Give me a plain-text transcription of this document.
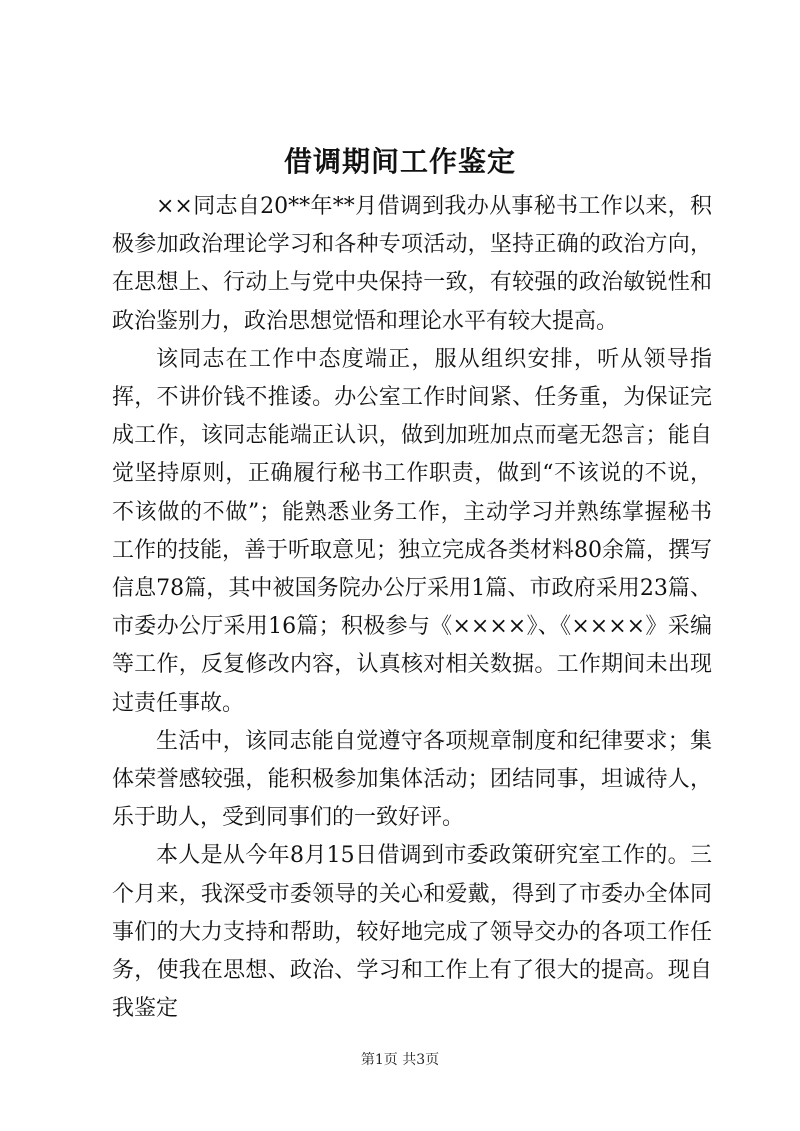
借调期间工作鉴定

××同志自20**年**月借调到我办从事秘书工作以来，积极参加政治理论学习和各种专项活动，坚持正确的政治方向，在思想上、行动上与党中央保持一致，有较强的政治敏锐性和政治鉴别力，政治思想觉悟和理论水平有较大提高。

该同志在工作中态度端正，服从组织安排，听从领导指挥，不讲价钱不推诿。办公室工作时间紧、任务重，为保证完成工作，该同志能端正认识，做到加班加点而毫无怨言；能自觉坚持原则，正确履行秘书工作职责，做到“不该说的不说，不该做的不做”；能熟悉业务工作，主动学习并熟练掌握秘书工作的技能，善于听取意见；独立完成各类材料80余篇，撰写信息78篇，其中被国务院办公厅采用1篇、市政府采用23篇、市委办公厅采用16篇；积极参与《××××》、《××××》采编等工作，反复修改内容，认真核对相关数据。工作期间未出现过责任事故。

生活中，该同志能自觉遵守各项规章制度和纪律要求；集体荣誉感较强，能积极参加集体活动；团结同事，坦诚待人，乐于助人，受到同事们的一致好评。

本人是从今年8月15日借调到市委政策研究室工作的。三个月来，我深受市委领导的关心和爱戴，得到了市委办全体同事们的大力支持和帮助，较好地完成了领导交办的各项工作任务，使我在思想、政治、学习和工作上有了很大的提高。现自我鉴定

第1页 共3页
